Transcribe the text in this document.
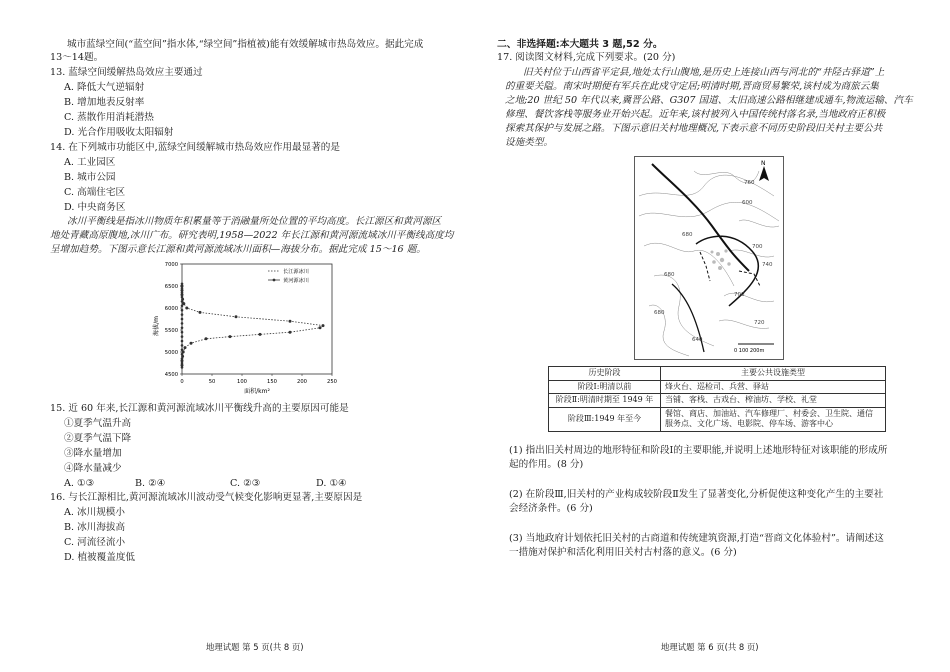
城市蓝绿空间(“蓝空间”指水体,“绿空间”指植被)能有效缓解城市热岛效应。据此完成
13～14题。
13. 蓝绿空间缓解热岛效应主要通过
A. 降低大气逆辐射
B. 增加地表反射率
C. 蒸散作用消耗潜热
D. 光合作用吸收太阳辐射
14. 在下列城市功能区中,蓝绿空间缓解城市热岛效应作用最显著的是
A. 工业园区
B. 城市公园
C. 高端住宅区
D. 中央商务区
冰川平衡线是指冰川物质年积累量等于消融量所处位置的平均高度。长江源区和黄河源区
地处青藏高原腹地,冰川广布。研究表明,1958—2022 年长江源和黄河源流域冰川平衡线高度均
呈增加趋势。下图示意长江源和黄河源流域冰川面积—海拔分布。据此完成 15～16 题。
4500
5000
5500
6000
6500
7000
0	50	100	150	200	250
海拔/m
面积/km²
长江源冰川
黄河源冰川
15. 近 60 年来,长江源和黄河源流域冰川平衡线升高的主要原因可能是
①夏季气温升高
②夏季气温下降
③降水量增加
④降水量减少
A. ①③	B. ②④	C. ②③	D. ①④
16. 与长江源相比,黄河源流域冰川波动受气候变化影响更显著,主要原因是
A. 冰川规模小
B. 冰川海拔高
C. 河流径流小
D. 植被覆盖度低
地理试题 第 5 页(共 8 页)
二、非选择题:本大题共 3 题,52 分。
17. 阅读图文材料,完成下列要求。(20 分)
旧关村位于山西省平定县,地处太行山腹地,是历史上连接山西与河北的“井陉古驿道”上
的重要关隘。南宋时期便有军兵在此戍守定居;明清时期,晋商贸易繁荣,该村成为商旅云集
之地;20 世纪 50 年代以来,冀晋公路、G307 国道、太旧高速公路相继建成通车,物流运输、汽车
修理、餐饮客栈等服务业开始兴起。近年来,该村被列入中国传统村落名录,当地政府正积极
探索其保护与发展之路。下图示意旧关村地理概况,下表示意不同历史阶段旧关村主要公共
设施类型。
600
680
700
680
720
760
680
740
700
640
N
0 100 200m
(1) 指出旧关村周边的地形特征和阶段Ⅰ的主要职能,并说明上述地形特征对该职能的形成所
起的作用。(8 分)
(2) 在阶段Ⅲ,旧关村的产业构成较阶段Ⅱ发生了显著变化,分析促使这种变化产生的主要社
会经济条件。(6 分)
(3) 当地政府计划依托旧关村的古商道和传统建筑资源,打造“晋商文化体验村”。请阐述这
一措施对保护和活化利用旧关村古村落的意义。(6 分)
地理试题 第 6 页(共 8 页)
历史阶段	主要公共设施类型
阶段Ⅰ:明清以前	烽火台、巡检司、兵营、驿站
阶段Ⅱ:明清时期至 1949 年	当铺、客栈、古戏台、榨油坊、学校、礼堂
阶段Ⅲ:1949 年至今	餐馆、商店、加油站、汽车修理厂、村委会、卫生院、通信
服务点、文化广场、电影院、停车场、游客中心
